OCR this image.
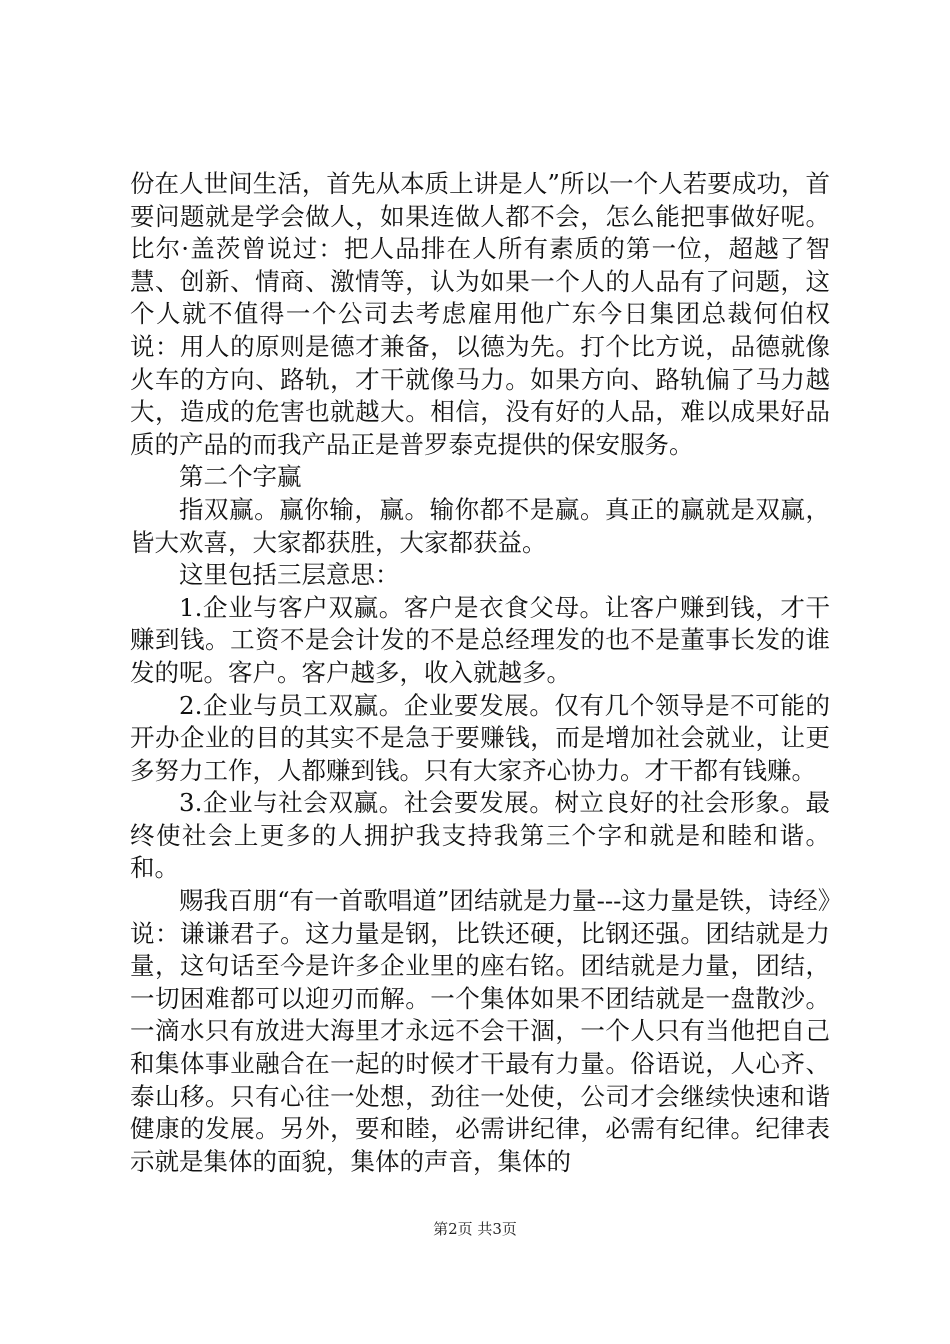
份在人世间生活，首先从本质上讲是人”所以一个人若要成功，首要问题就是学会做人，如果连做人都不会，怎么能把事做好呢。比尔·盖茨曾说过：把人品排在人所有素质的第一位，超越了智慧、创新、情商、激情等，认为如果一个人的人品有了问题，这个人就不值得一个公司去考虑雇用他广东今日集团总裁何伯权说：用人的原则是德才兼备，以德为先。打个比方说，品德就像火车的方向、路轨，才干就像马力。如果方向、路轨偏了马力越大，造成的危害也就越大。相信，没有好的人品，难以成果好品质的产品的而我产品正是普罗泰克提供的保安服务。

第二个字赢

指双赢。赢你输，赢。输你都不是赢。真正的赢就是双赢，皆大欢喜，大家都获胜，大家都获益。

这里包括三层意思：

1.企业与客户双赢。客户是衣食父母。让客户赚到钱，才干赚到钱。工资不是会计发的不是总经理发的也不是董事长发的谁发的呢。客户。客户越多，收入就越多。

2.企业与员工双赢。企业要发展。仅有几个领导是不可能的开办企业的目的其实不是急于要赚钱，而是增加社会就业，让更多努力工作，人都赚到钱。只有大家齐心协力。才干都有钱赚。

3.企业与社会双赢。社会要发展。树立良好的社会形象。最终使社会上更多的人拥护我支持我第三个字和就是和睦和谐。和。

赐我百朋“有一首歌唱道”团结就是力量---这力量是铁，诗经》说：谦谦君子。这力量是钢，比铁还硬，比钢还强。团结就是力量，这句话至今是许多企业里的座右铭。团结就是力量，团结，一切困难都可以迎刃而解。一个集体如果不团结就是一盘散沙。一滴水只有放进大海里才永远不会干涸，一个人只有当他把自己和集体事业融合在一起的时候才干最有力量。俗语说，人心齐、泰山移。只有心往一处想，劲往一处使，公司才会继续快速和谐健康的发展。另外，要和睦，必需讲纪律，必需有纪律。纪律表示就是集体的面貌，集体的声音，集体的

第2页 共3页
